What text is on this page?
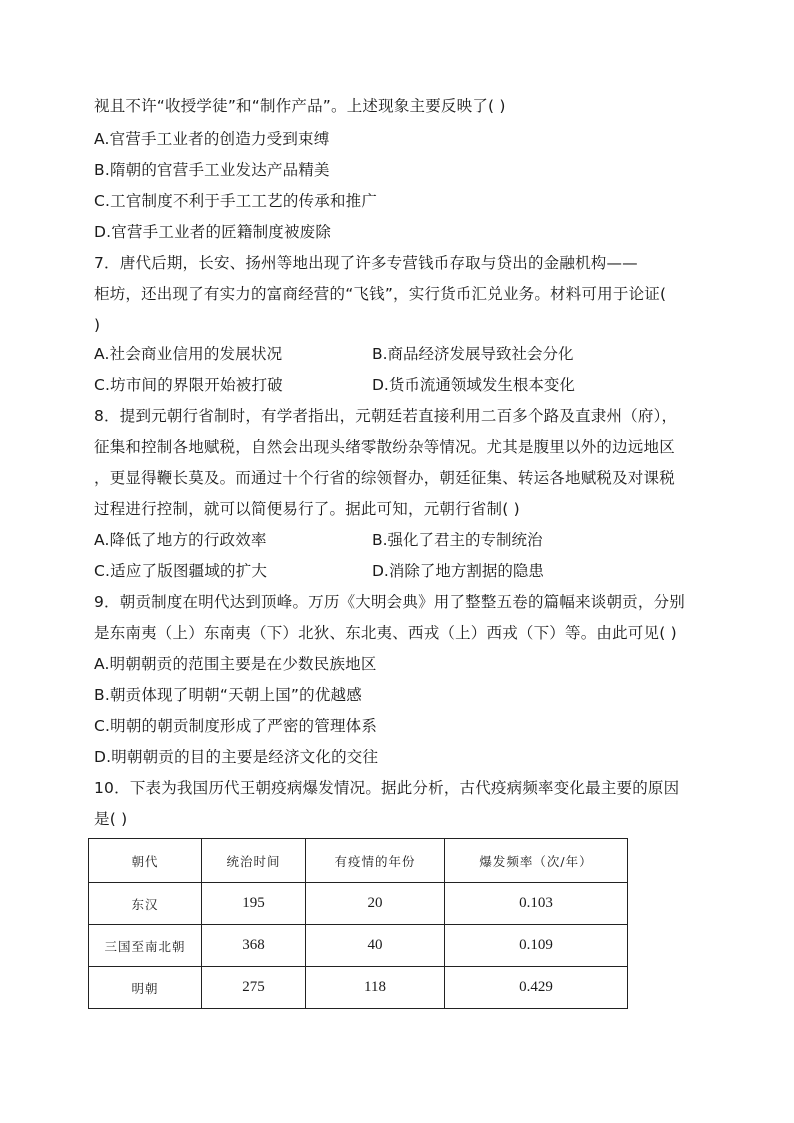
视且不许“收授学徒”和“制作产品”。上述现象主要反映了( )
A.官营手工业者的创造力受到束缚
B.隋朝的官营手工业发达产品精美
C.工官制度不利于手工工艺的传承和推广
D.官营手工业者的匠籍制度被废除
7．唐代后期，长安、扬州等地出现了许多专营钱币存取与贷出的金融机构——
柜坊，还出现了有实力的富商经营的“飞钱”，实行货币汇兑业务。材料可用于论证(
)
A.社会商业信用的发展状况	B.商品经济发展导致社会分化
C.坊市间的界限开始被打破	D.货币流通领域发生根本变化
8．提到元朝行省制时，有学者指出，元朝廷若直接利用二百多个路及直隶州（府），
征集和控制各地赋税，自然会出现头绪零散纷杂等情况。尤其是腹里以外的边远地区
，更显得鞭长莫及。而通过十个行省的综领督办，朝廷征集、转运各地赋税及对课税
过程进行控制，就可以简便易行了。据此可知，元朝行省制( )
A.降低了地方的行政效率	B.强化了君主的专制统治
C.适应了版图疆域的扩大	D.消除了地方割据的隐患
9．朝贡制度在明代达到顶峰。万历《大明会典》用了整整五卷的篇幅来谈朝贡，分别
是东南夷（上）东南夷（下）北狄、东北夷、西戎（上）西戎（下）等。由此可见( )
A.明朝朝贡的范围主要是在少数民族地区
B.朝贡体现了明朝“天朝上国”的优越感
C.明朝的朝贡制度形成了严密的管理体系
D.明朝朝贡的目的主要是经济文化的交往
10．下表为我国历代王朝疫病爆发情况。据此分析，古代疫病频率变化最主要的原因
是( )
朝代	统治时间	有疫情的年份	爆发频率（次/年）
东汉	195	20	0.103
三国至南北朝	368	40	0.109
明朝	275	118	0.429
